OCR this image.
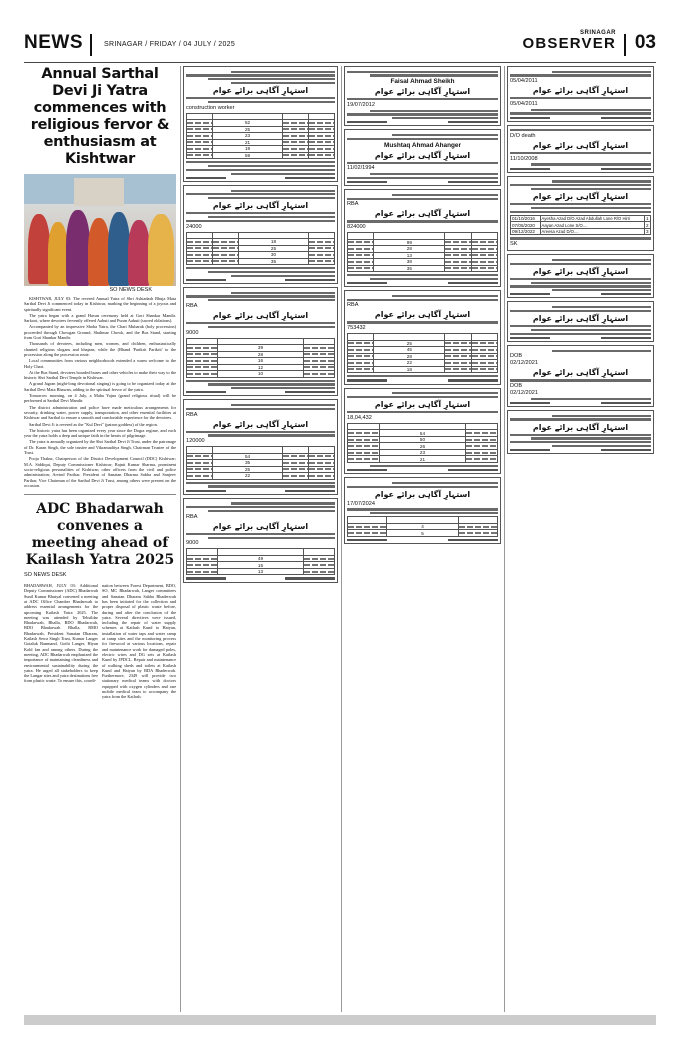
NEWS	SRINAGAR / FRIDAY / 04 JULY / 2025
SRINAGAR
OBSERVER 03
Annual Sarthal Devi Ji Yatra commences with religious fervor & enthusiasm at Kishtwar
SO NEWS DESK

KISHTWAR, JULY 03: The revered Annual Yatra of Shri Ashtadash Bhuja Mata Sarthal Devi Ji commenced today in Kishtwar, marking the beginning of a joyous and spiritually significant event.

The yatra began with a grand Havan ceremony held at Gori Shankar Mandir. Sarkoot, where devotees fervently offered Aahuti and Puran Aahuti (sacred oblations).

Accompanied by an impressive Shoba Yatra, the Chari Mubarak (holy procession) proceeded through Chowgan Ground, Shalimar Chowk, and the Bus Stand, starting from Gori Shankar Mandir.

Thousands of devotees, including men, women, and children, enthusiastically chanted religious slogans and bhajans, while the (Bhand 'Parikrit Parikrit' to the procession along the procession route.

Local communities from various neighborhoods extended a warm welcome to the Holy Chari.

At the Bus Stand, devotees boarded buses and other vehicles to make their way to the historic Shri Sarthal Devi Temple in Kishtwar.

A grand Jagran (night-long devotional singing) is going to be organized today at the Sarthal Devi Mata Bhawan, adding to the spiritual fervor of the yatra.

Tomorrow morning, on 4 July, a Maha Yajna (grand religious ritual) will be performed at Sarthal Devi Mandir.

The district administration and police have made meticulous arrangements for security, drinking water, power supply, transportation, and other essential facilities at Kishtwar and Sarthal to ensure a smooth and comfortable experience for the devotees.

Sarthal Devi Ji is revered as the "Kul Devi" (patron goddess) of the region.

The historic yatra has been organized every year since the Dogra regime, and each year the yatra holds a deep and unique faith in the hearts of pilgrimage.

The yatra is annually organized by the Shri Sarthal Devi Ji Trust, under the patronage of Dr. Karan Singh, the sole trustee and Vikramaditya Singh, Chairman Trustee of the Trust.

Pooja Thakur, Chairperson of the District Development Council (DDC) Kishtwar; M.A. Siddiqui, Deputy Commissioner Kishtwar; Rajnit Kumar Sharma, prominent socio-religious personalities of Kishtwar; other officers from the civil and police administration; Arvind Parihar, President of Sanatan Dharma Sabha and Sanjeev Parihar, Vice Chairman of the Sarthal Devi Ji Trust, among others were present on the occasion.

ADC Bhadarwah convenes a meeting ahead of Kailash Yatra 2025
SO NEWS DESK
BHADARWAH, JULY 03: Additional Deputy Commissioner (ADC) Bhadarwah Sunil Kumar Bhutyal convened a meeting at ADC Office Chamber Bhadarwah to address essential arrangements for the upcoming Kailash Yatra 2025. The meeting was attended by Tehsildar Bhadarwah, Bhalla, BDO Bhadarwah, BDO Bhadarwah Bhalla, BMO Bhadarwah, President Sanatan Dharam, Kailash Sewa Singh Trust, Kumar Langer Gotaluk Banmand, Gothi Langer, Hiyan Kohl fan and among others. During the meeting, ADC Bhadarwah emphasized the importance of maintaining cleanliness and environmental sustainability during the yatra. He urged all stakeholders to keep the Langar sites and yatra destinations free from plastic waste. To ensure this, coordi-
nation between Forest Department, BDO, SO, MC Bhadarwah, Langer committees and Sanatan Dharam Sabha Bhaderwah has been initiated for the collection and proper disposal of plastic waste before, during and after the conclusion of the yatra. Several directives were issued, including the repair of water supply schemes at Kailash Kund to Haiyan, installation of water taps and water camp at camp sites and the monitoring process for firewood at various locations, repair and maintenance work for damaged poles, electric wires and DG sets at Kailash Kund by JPDCL. Repair and maintenance of walking sheds and toilets at Kailash Kund and Haiyan by BDA Bhaderwah. Furthermore, 2349 will provide two stationary medical teams with doctors equipped with oxygen cylinders and one mobile medical team to accompany the yatra from the Kailash.
استہارِ آگاہی برائے عوام
construction worker

	52		
	25		
	23		
	21		
	19		
	59		
استہارِ آگاہی برائے عوام
24000

		18	
		25	
		30	
		35	
RBA
استہارِ آگاہی برائے عوام
9000

	39	
	28	
	16	
	12	
	10	
RBA
استہارِ آگاہی برائے عوام
120000

	54		
	35		
	25		
	22		
RBA
استہارِ آگاہی برائے عوام
9000

	49	
	15	
	13	
Faisal Ahmad Sheikh
استہارِ آگاہی برائے عوام
19/07/2012
Mushtaq Ahmad Ahanger
استہارِ آگاہی برائے عوام
11/02/1994
RBA
استہارِ آگاہی برائے عوام
824000

	99		
	28		
	13		
	38		
	35		
RBA
استہارِ آگاہی برائے عوام
753432

	25		
	45		
	28		
	22		
	18		
استہارِ آگاہی برائے عوام
18,04,432

	54	
	50	
	26	
	23	
	21	
استہارِ آگاہی برائے عوام
17/07/2024

	4	
	5	
05/04/2011
استہارِ آگاہی برائے عوام
05/04/2011
D/O death
استہارِ آگاہی برائے عوام
11/10/2008
استہارِ آگاہی برائے عوام
01/10/2016	Ayesha Azad D/O Azad Abdullah Lone R/O Hirri	1
07/05/2020	Aayan Azad Lone S/O....	2
09/12/2022	Areesa Azad D/O....	3
SK
استہارِ آگاہی برائے عوام
استہارِ آگاہی برائے عوام
DOB
02/12/2021
استہارِ آگاہی برائے عوام
DOB
02/12/2021
استہارِ آگاہی برائے عوام
